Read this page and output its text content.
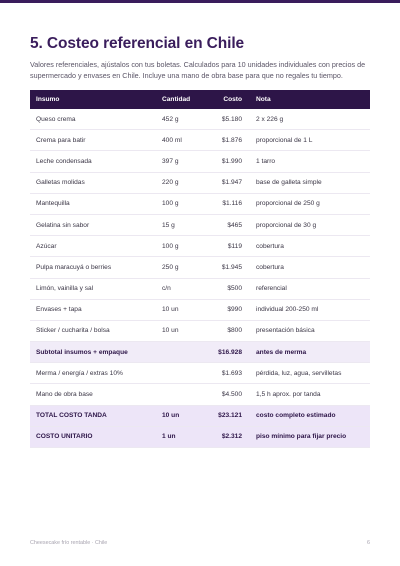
5. Costeo referencial en Chile

Valores referenciales, ajústalos con tus boletas. Calculados para 10 unidades individuales con precios de supermercado y envases en Chile. Incluye una mano de obra base para que no regales tu tiempo.

Insumo	Cantidad	Costo	Nota
Queso crema	452 g	$5.180	2 x 226 g
Crema para batir	400 ml	$1.876	proporcional de 1 L
Leche condensada	397 g	$1.990	1 tarro
Galletas molidas	220 g	$1.947	base de galleta simple
Mantequilla	100 g	$1.116	proporcional de 250 g
Gelatina sin sabor	15 g	$465	proporcional de 30 g
Azúcar	100 g	$119	cobertura
Pulpa maracuyá o berries	250 g	$1.945	cobertura
Limón, vainilla y sal	c/n	$500	referencial
Envases + tapa	10 un	$990	individual 200-250 ml
Sticker / cucharita / bolsa	10 un	$800	presentación básica
Subtotal insumos + empaque		$16.928	antes de merma
Merma / energía / extras 10%		$1.693	pérdida, luz, agua, servilletas
Mano de obra base		$4.500	1,5 h aprox. por tanda
TOTAL COSTO TANDA	10 un	$23.121	costo completo estimado
COSTO UNITARIO	1 un	$2.312	piso mínimo para fijar precio
Cheesecake frío rentable · Chile	6
